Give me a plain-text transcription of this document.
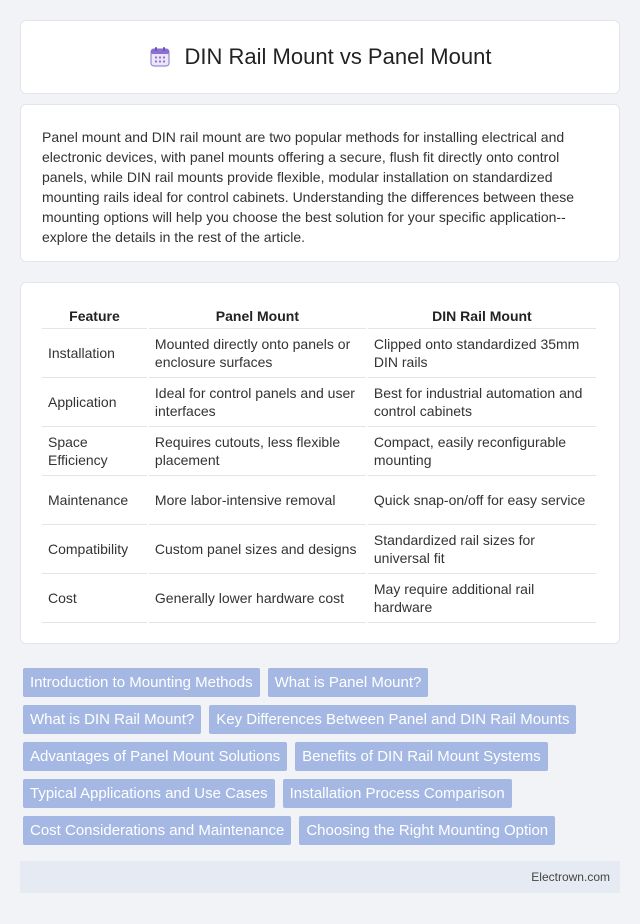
DIN Rail Mount vs Panel Mount

Panel mount and DIN rail mount are two popular methods for installing electrical and electronic devices, with panel mounts offering a secure, flush fit directly onto control panels, while DIN rail mounts provide flexible, modular installation on standardized mounting rails ideal for control cabinets. Understanding the differences between these mounting options will help you choose the best solution for your specific application--explore the details in the rest of the article.

Feature	Panel Mount	DIN Rail Mount
Installation	Mounted directly onto panels or enclosure surfaces	Clipped onto standardized 35mm DIN rails
Application	Ideal for control panels and user interfaces	Best for industrial automation and control cabinets
Space Efficiency	Requires cutouts, less flexible placement	Compact, easily reconfigurable mounting
Maintenance	More labor-intensive removal	Quick snap-on/off for easy service
Compatibility	Custom panel sizes and designs	Standardized rail sizes for universal fit
Cost	Generally lower hardware cost	May require additional rail hardware
Introduction to Mounting Methods	What is Panel Mount?
What is DIN Rail Mount?	Key Differences Between Panel and DIN Rail Mounts
Advantages of Panel Mount Solutions	Benefits of DIN Rail Mount Systems
Typical Applications and Use Cases	Installation Process Comparison
Cost Considerations and Maintenance	Choosing the Right Mounting Option
Electrown.com
